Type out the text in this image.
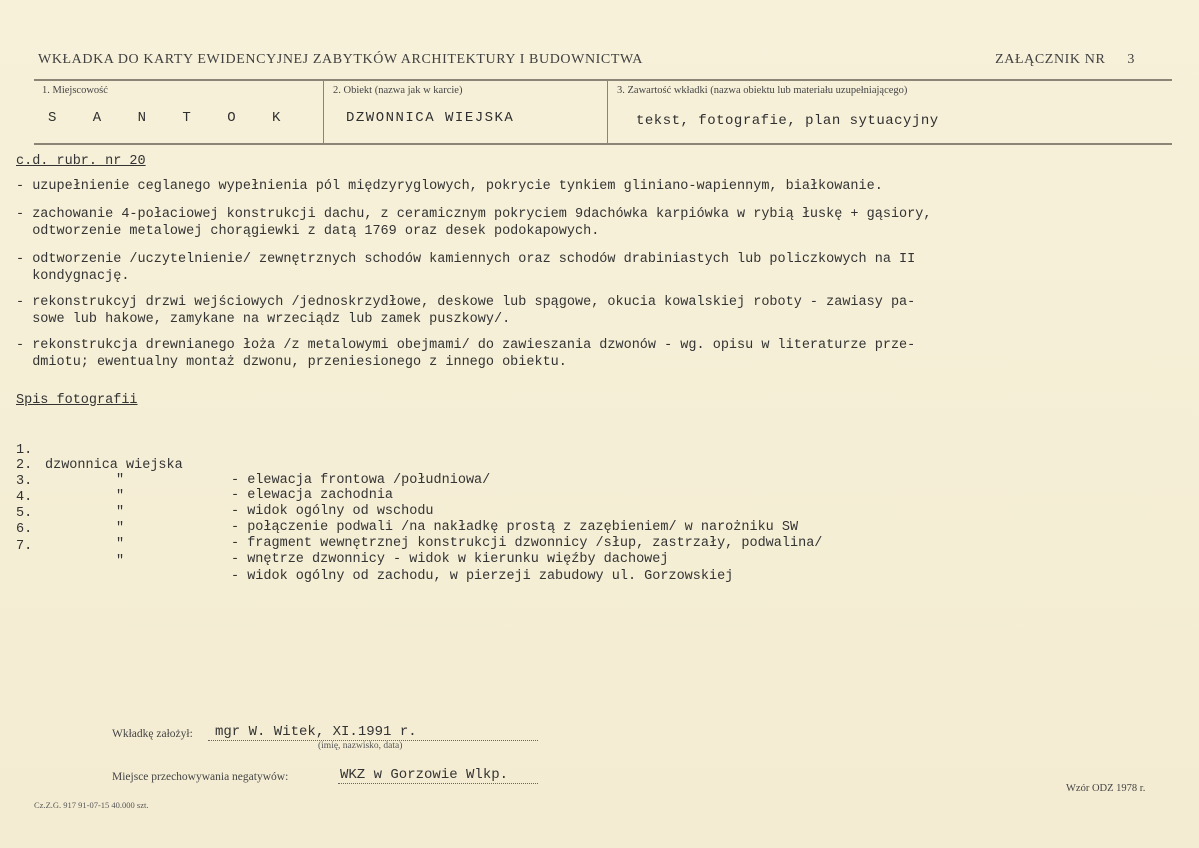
WKŁADKA DO KARTY EWIDENCYJNEJ ZABYTKÓW ARCHITEKTURY I BUDOWNICTWA	ZAŁĄCZNIK NR 3
1. Miejscowość
S A N T O K
2. Obiekt (nazwa jak w karcie)
DZWONNICA WIEJSKA
3. Zawartość wkładki (nazwa obiektu lub materiału uzupełniającego)
tekst, fotografie, plan sytuacyjny
c.d. rubr. nr 20
- uzupełnienie ceglanego wypełnienia pól międzyryglowych, pokrycie tynkiem gliniano-wapiennym, białkowanie.
- zachowanie 4-połaciowej konstrukcji dachu, z ceramicznym pokryciem 9dachówka karpiówka w rybią łuskę + gąsiory,
odtworzenie metalowej chorągiewki z datą 1769 oraz desek podokapowych.
- odtworzenie /uczytelnienie/ zewnętrznych schodów kamiennych oraz schodów drabiniastych lub policzkowych na II
kondygnację.
- rekonstrukcyj drzwi wejściowych /jednoskrzydłowe, deskowe lub spągowe, okucia kowalskiej roboty - zawiasy pa-
sowe lub hakowe, zamykane na wrzeciądz lub zamek puszkowy/.
- rekonstrukcja drewnianego łoża /z metalowymi obejmami/ do zawieszania dzwonów - wg. opisu w literaturze prze-
dmiotu; ewentualny montaż dzwonu, przeniesionego z innego obiektu.
Spis fotografii

1.

dzwonnica wiejska

- elewacja frontowa /południowa/

2.

"

- elewacja zachodnia

3.

"

- widok ogólny od wschodu

4.

"

- połączenie podwali /na nakładkę prostą z zazębieniem/ w narożniku SW

5.

"

- fragment wewnętrznej konstrukcji dzwonnicy /słup, zastrzały, podwalina/

6.

"

- wnętrze dzwonnicy - widok w kierunku więźby dachowej

7.

"

- widok ogólny od zachodu, w pierzeji zabudowy ul. Gorzowskiej

Wkładkę założył: mgr W. Witek, XI.1991 r.
(imię, nazwisko, data)
Miejsce przechowywania negatywów:	WKZ w Gorzowie Wlkp.
Wzór ODZ 1978 r.
Cz.Z.G. 917 91-07-15 40.000 szt.
